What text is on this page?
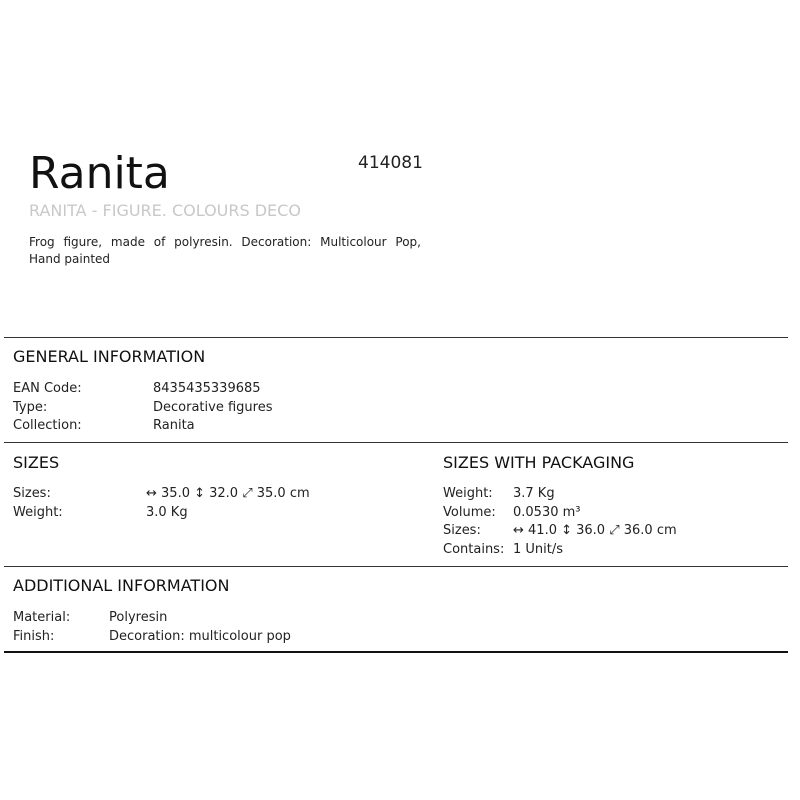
Ranita	414081
RANITA - FIGURE. COLOURS DECO
Frog figure, made of polyresin. Decoration: Multicolour Pop, Hand painted
GENERAL INFORMATION
EAN Code:	8435435339685
Type:	Decorative figures
Collection:	Ranita
SIZES
Sizes:	↔ 35.0 ↕ 32.0 ⤢ 35.0 cm
Weight:	3.0 Kg
SIZES WITH PACKAGING
Weight: 3.7 Kg
Volume: 0.0530 m³
Sizes: ↔ 41.0 ↕ 36.0 ⤢ 36.0 cm
Contains: 1 Unit/s
ADDITIONAL INFORMATION
Material:	Polyresin
Finish:	Decoration: multicolour pop
